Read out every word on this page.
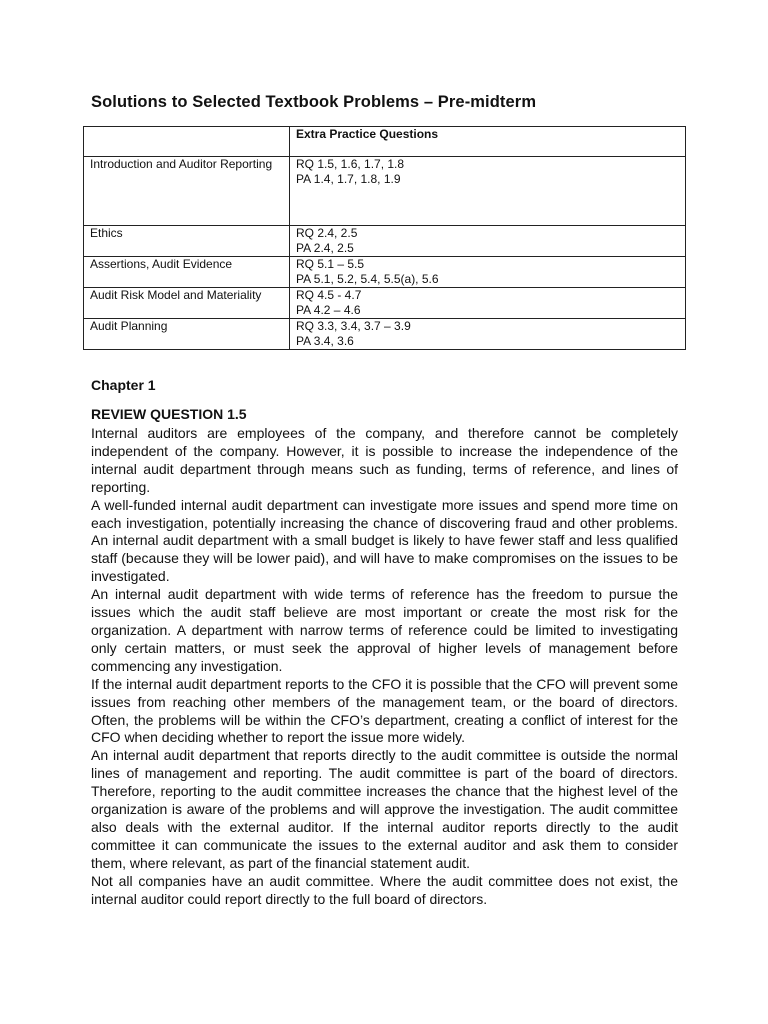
Solutions to Selected Textbook Problems – Pre-midterm
	Extra Practice Questions
Introduction and Auditor Reporting	RQ 1.5, 1.6, 1.7, 1.8
PA 1.4, 1.7, 1.8, 1.9

Ethics	RQ 2.4, 2.5
PA 2.4, 2.5

Assertions, Audit Evidence	RQ 5.1 – 5.5
PA 5.1, 5.2, 5.4, 5.5(a), 5.6

Audit Risk Model and Materiality	RQ 4.5 - 4.7
PA 4.2 – 4.6

Audit Planning	RQ 3.3, 3.4, 3.7 – 3.9
PA 3.4, 3.6
Chapter 1
REVIEW QUESTION 1.5

Internal auditors are employees of the company, and therefore cannot be completely independent of the company. However, it is possible to increase the independence of the internal audit department through means such as funding, terms of reference, and lines of reporting.

A well-funded internal audit department can investigate more issues and spend more time on each investigation, potentially increasing the chance of discovering fraud and other problems. An internal audit department with a small budget is likely to have fewer staff and less qualified staff (because they will be lower paid), and will have to make compromises on the issues to be investigated.

An internal audit department with wide terms of reference has the freedom to pursue the issues which the audit staff believe are most important or create the most risk for the organization. A department with narrow terms of reference could be limited to investigating only certain matters, or must seek the approval of higher levels of management before commencing any investigation.

If the internal audit department reports to the CFO it is possible that the CFO will prevent some issues from reaching other members of the management team, or the board of directors. Often, the problems will be within the CFO’s department, creating a conflict of interest for the CFO when deciding whether to report the issue more widely.

An internal audit department that reports directly to the audit committee is outside the normal lines of management and reporting. The audit committee is part of the board of directors. Therefore, reporting to the audit committee increases the chance that the highest level of the organization is aware of the problems and will approve the investigation. The audit committee also deals with the external auditor. If the internal auditor reports directly to the audit committee it can communicate the issues to the external auditor and ask them to consider them, where relevant, as part of the financial statement audit.

Not all companies have an audit committee. Where the audit committee does not exist, the internal auditor could report directly to the full board of directors.
